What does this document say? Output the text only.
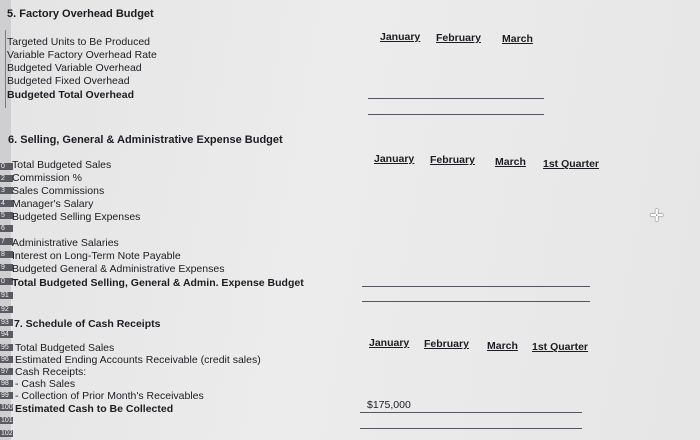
0
2
3
4
5
6
7
8
9
0
91
92
93
94
95
96
97
98
99
100
101
102
5. Factory Overhead Budget
January February March
Targeted Units to Be Produced
Variable Factory Overhead Rate
Budgeted Variable Overhead
Budgeted Fixed Overhead
Budgeted Total Overhead
6. Selling, General & Administrative Expense Budget
January February March 1st Quarter
Total Budgeted Sales
Commission %
Sales Commissions
Manager's Salary
Budgeted Selling Expenses
Administrative Salaries
Interest on Long-Term Note Payable
Budgeted General & Administrative Expenses
Total Budgeted Selling, General & Admin. Expense Budget
✛
7. Schedule of Cash Receipts
January February March 1st Quarter
Total Budgeted Sales
Estimated Ending Accounts Receivable (credit sales)
Cash Receipts:
- Cash Sales
- Collection of Prior Month's Receivables
Estimated Cash to Be Collected	$175,000
